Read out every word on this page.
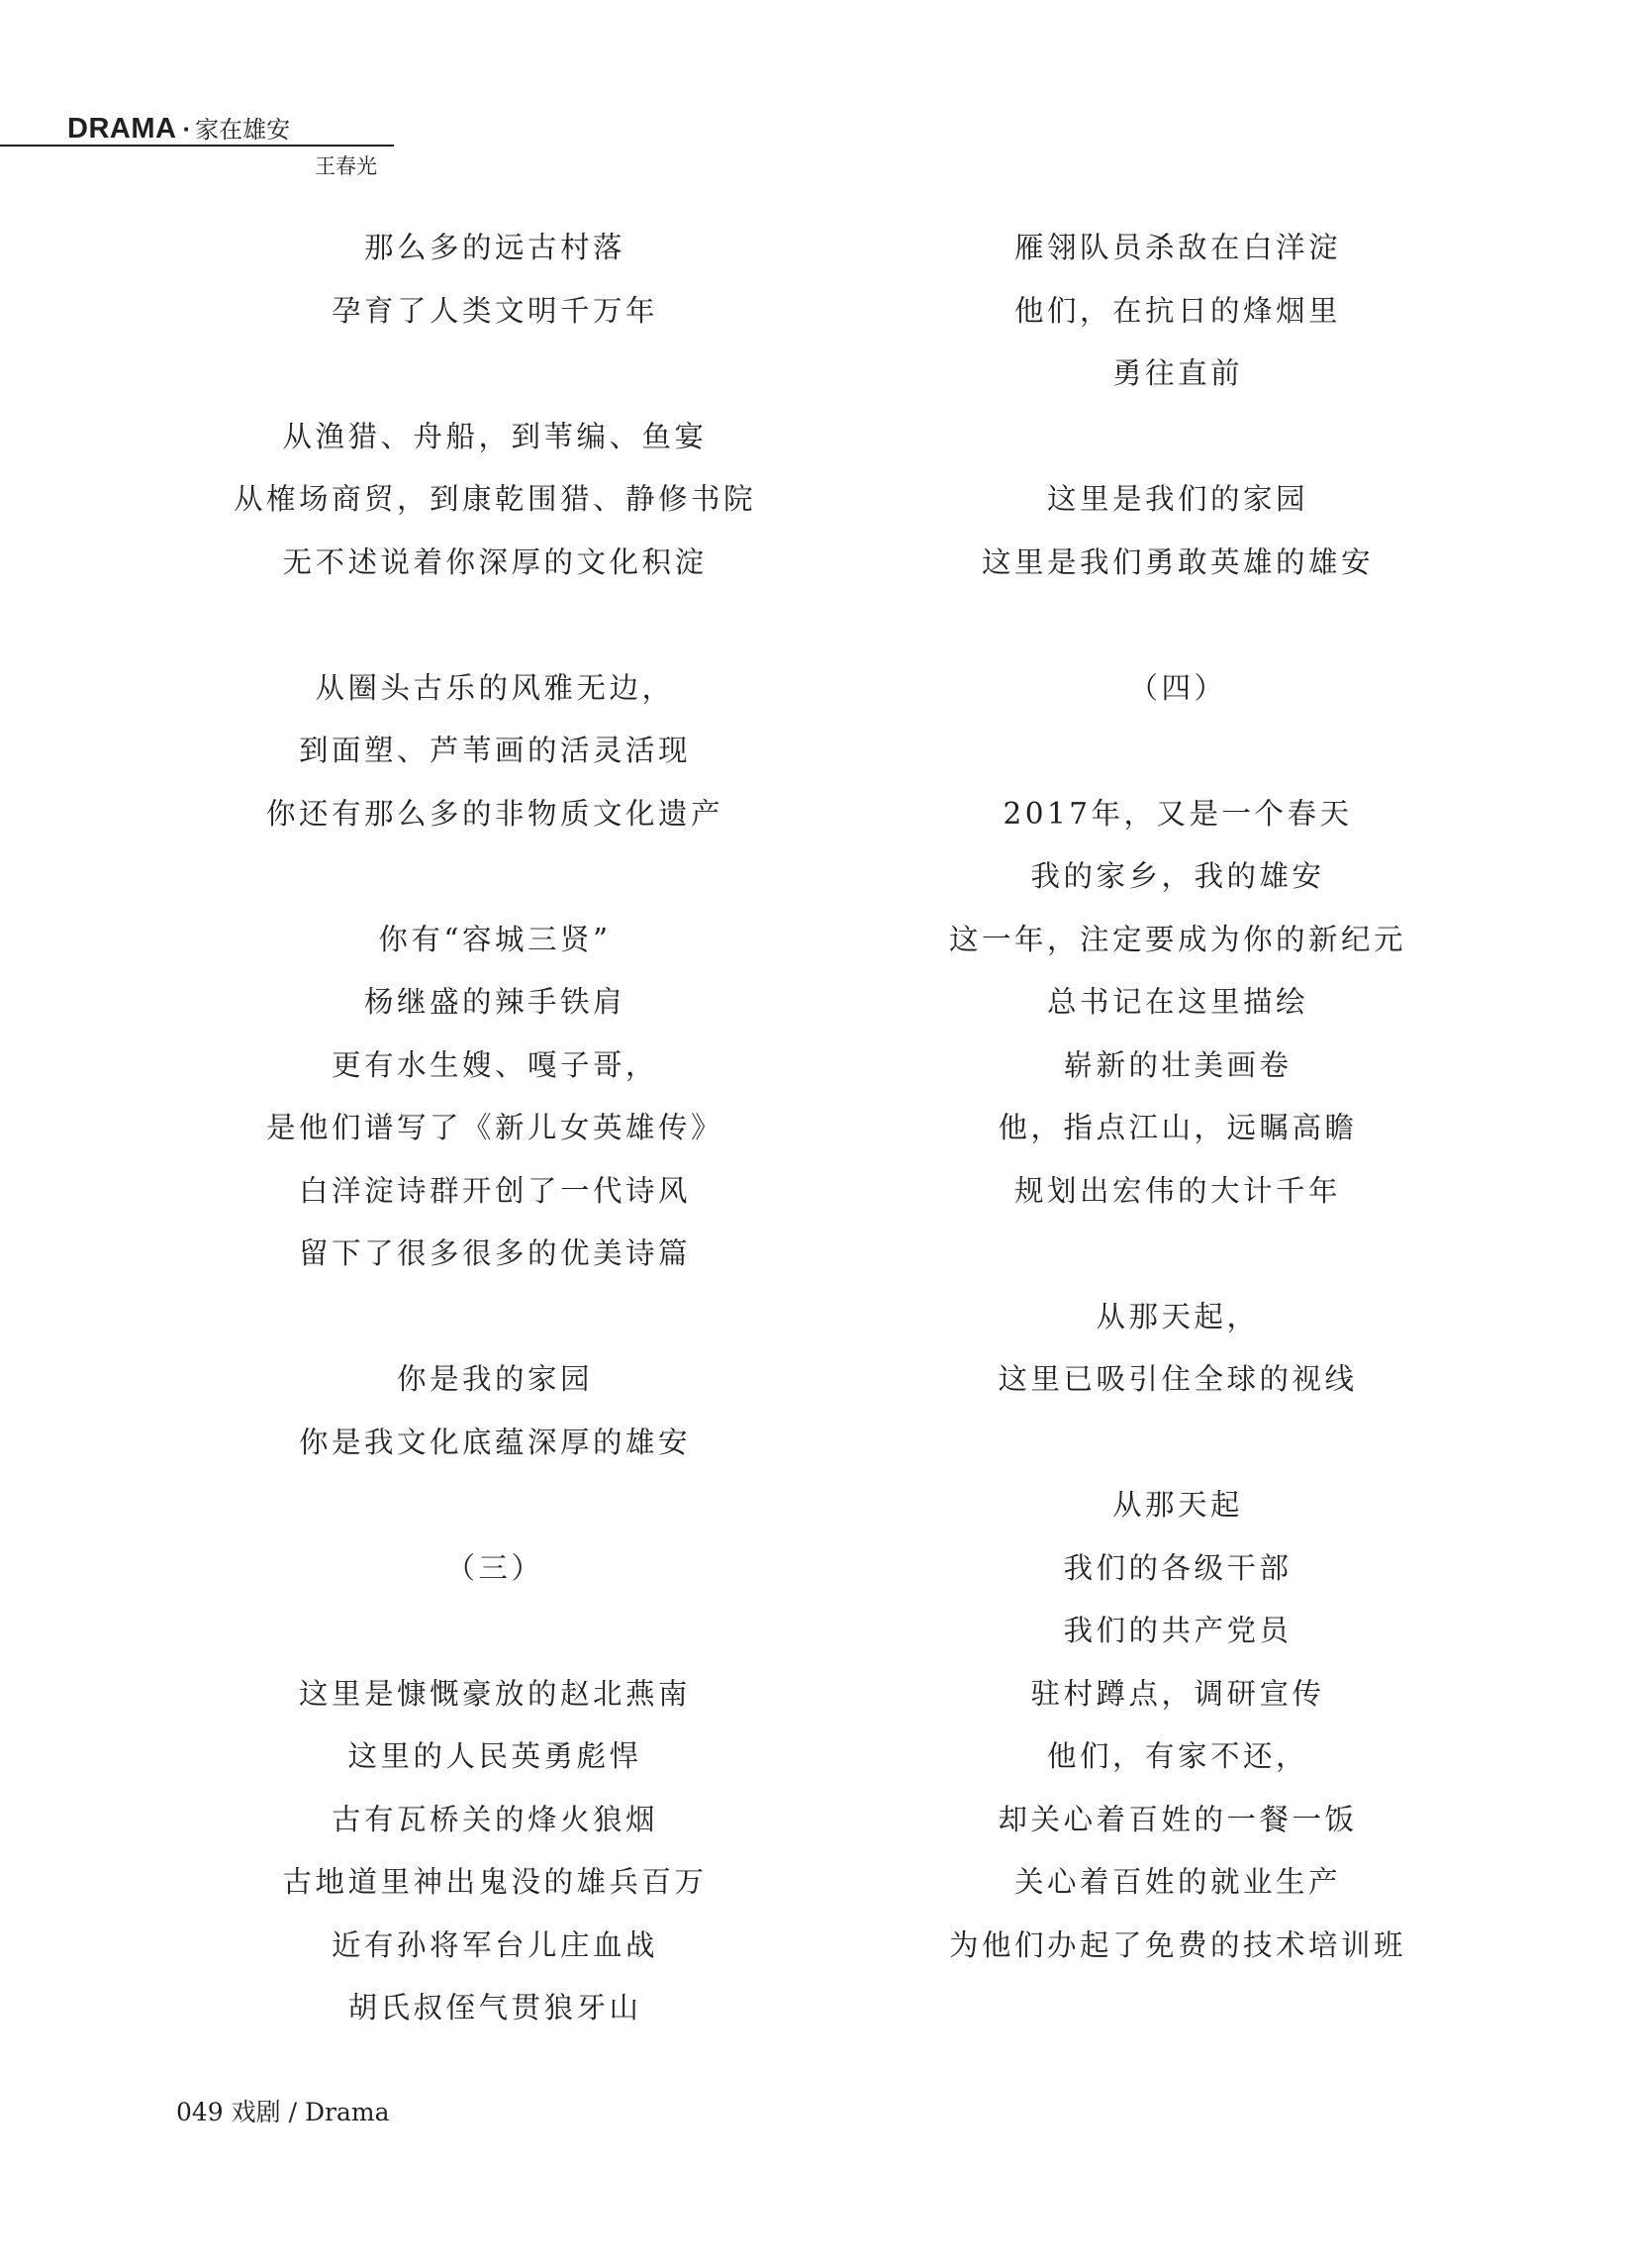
DRAMA · 家在雄安
王春光
那么多的远古村落
孕育了人类文明千万年
从渔猎、舟船，到苇编、鱼宴
从榷场商贸，到康乾围猎、静修书院
无不述说着你深厚的文化积淀
从圈头古乐的风雅无边，
到面塑、芦苇画的活灵活现
你还有那么多的非物质文化遗产
你有“容城三贤”
杨继盛的辣手铁肩
更有水生嫂、嘎子哥，
是他们谱写了《新儿女英雄传》
白洋淀诗群开创了一代诗风
留下了很多很多的优美诗篇
你是我的家园
你是我文化底蕴深厚的雄安
（三）
这里是慷慨豪放的赵北燕南
这里的人民英勇彪悍
古有瓦桥关的烽火狼烟
古地道里神出鬼没的雄兵百万
近有孙将军台儿庄血战
胡氏叔侄气贯狼牙山
雁翎队员杀敌在白洋淀
他们，在抗日的烽烟里
勇往直前
这里是我们的家园
这里是我们勇敢英雄的雄安
（四）
2017年，又是一个春天
我的家乡，我的雄安
这一年，注定要成为你的新纪元
总书记在这里描绘
崭新的壮美画卷
他，指点江山，远瞩高瞻
规划出宏伟的大计千年
从那天起，
这里已吸引住全球的视线
从那天起
我们的各级干部
我们的共产党员
驻村蹲点，调研宣传
他们，有家不还，
却关心着百姓的一餐一饭
关心着百姓的就业生产
为他们办起了免费的技术培训班
049 戏剧 / Drama
